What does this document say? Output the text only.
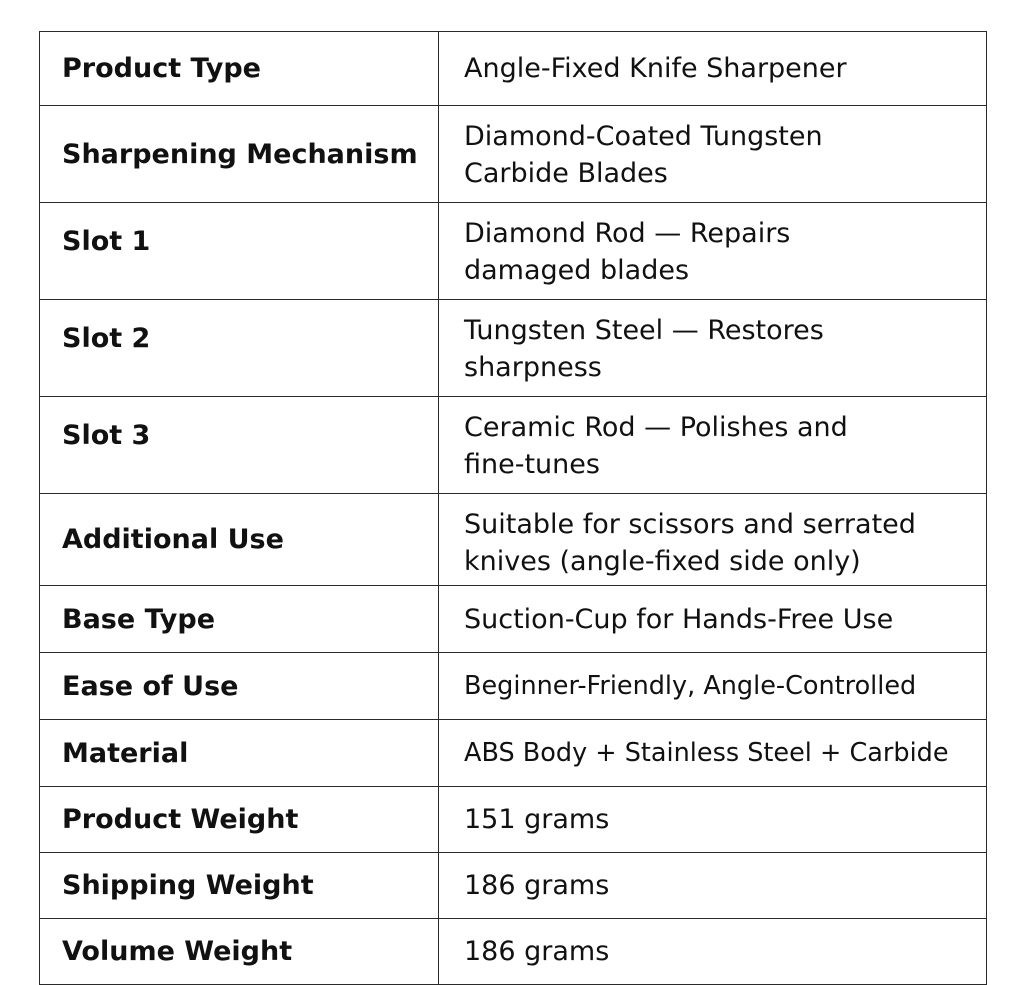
Product Type	Angle-Fixed Knife Sharpener
Sharpening Mechanism	Diamond-Coated Tungsten
Carbide Blades
Slot 1	Diamond Rod — Repairs
damaged blades
Slot 2	Tungsten Steel — Restores
sharpness
Slot 3	Ceramic Rod — Polishes and
fine-tunes
Additional Use	Suitable for scissors and serrated
knives (angle-fixed side only)
Base Type	Suction-Cup for Hands-Free Use
Ease of Use	Beginner-Friendly, Angle-Controlled
Material	ABS Body + Stainless Steel + Carbide
Product Weight	151 grams
Shipping Weight	186 grams
Volume Weight	186 grams
